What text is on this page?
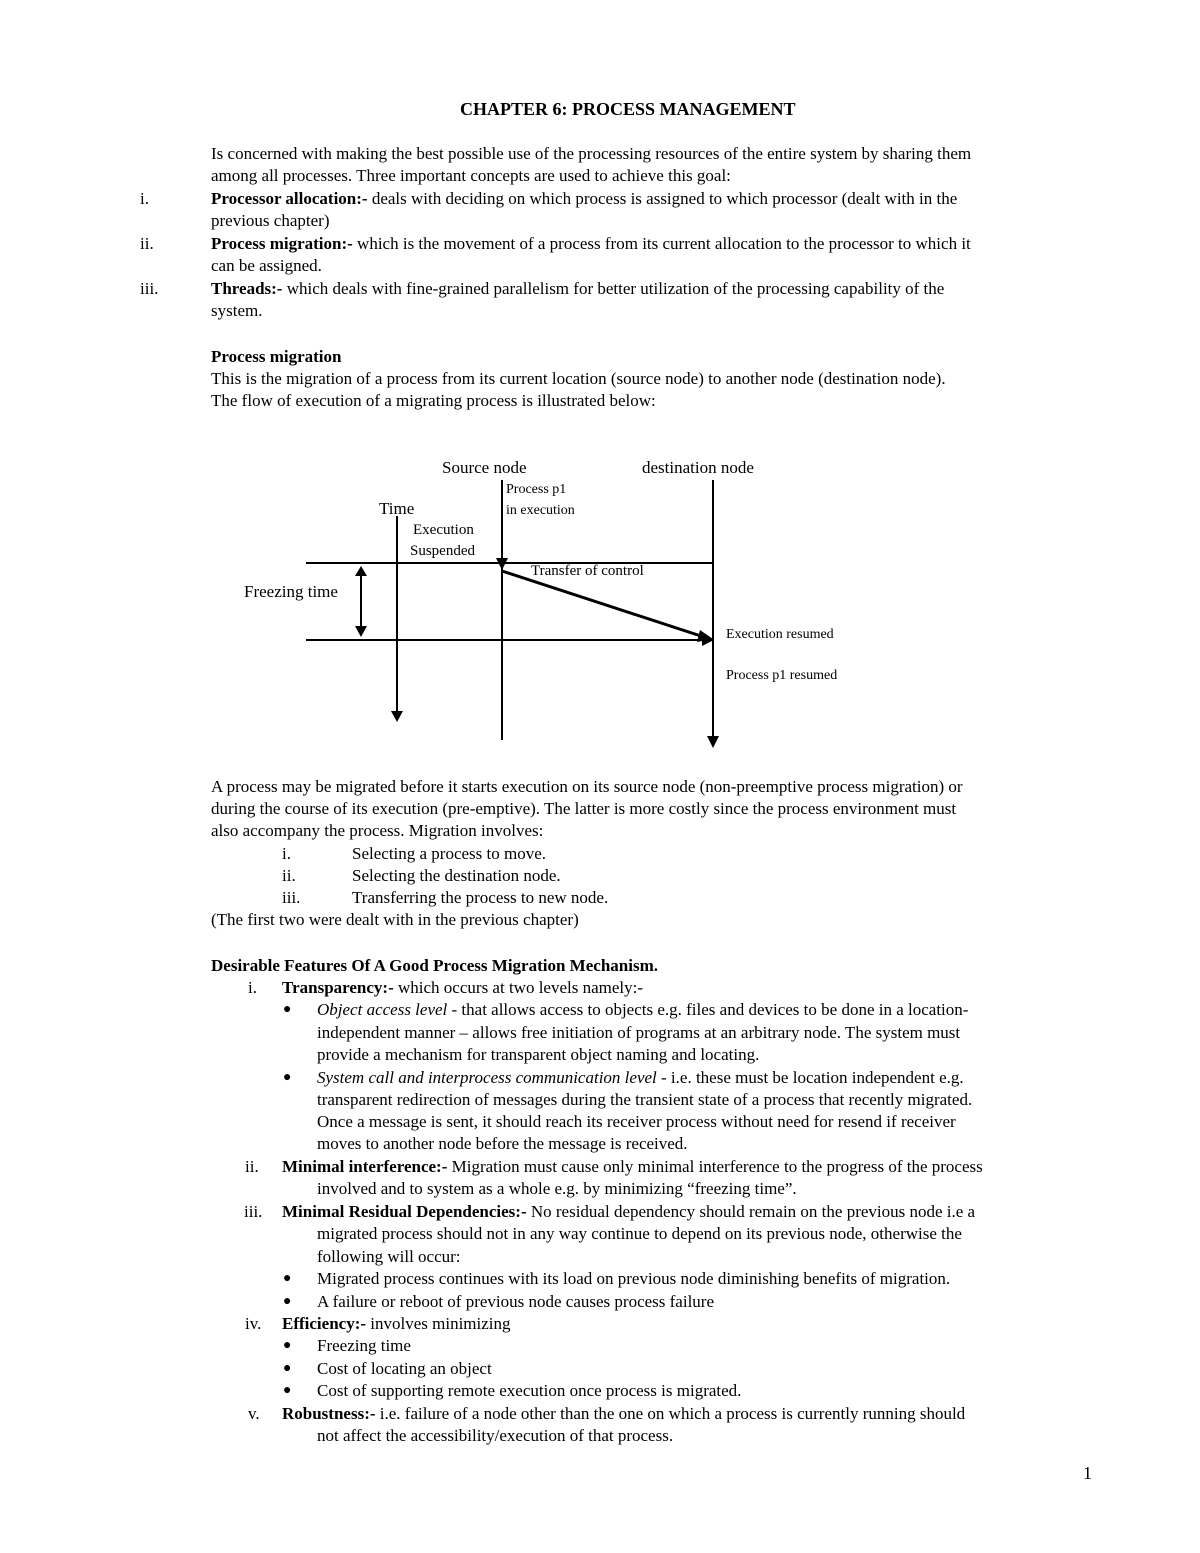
CHAPTER 6: PROCESS MANAGEMENT
Is concerned with making the best possible use of the processing resources of the entire system by sharing them
among all processes. Three important concepts are used to achieve this goal:
i.	Processor allocation:- deals with deciding on which process is assigned to which processor (dealt with in the
previous chapter)
ii.	Process migration:- which is the movement of a process from its current allocation to the processor to which it
can be assigned.
iii.	Threads:- which deals with fine-grained parallelism for better utilization of the processing capability of the
system.
Process migration
This is the migration of a process from its current location (source node) to another node (destination node).
The flow of execution of a migrating process is illustrated below:
Source node	destination node
Process p1
in execution
Time
Execution
Suspended
Transfer of control
Freezing time
Execution resumed
Process p1 resumed
A process may be migrated before it starts execution on its source node (non-preemptive process migration) or
during the course of its execution (pre-emptive). The latter is more costly since the process environment must
also accompany the process. Migration involves:
i.	Selecting a process to move.
ii.	Selecting the destination node.
iii.	Transferring the process to new node.
(The first two were dealt with in the previous chapter)
Desirable Features Of A Good Process Migration Mechanism.
i. Transparency:- which occurs at two levels namely:-
● Object access level - that allows access to objects e.g. files and devices to be done in a location-
independent manner – allows free initiation of programs at an arbitrary node. The system must
provide a mechanism for transparent object naming and locating.
● System call and interprocess communication level - i.e. these must be location independent e.g.
transparent redirection of messages during the transient state of a process that recently migrated.
Once a message is sent, it should reach its receiver process without need for resend if receiver
moves to another node before the message is received.
ii. Minimal interference:- Migration must cause only minimal interference to the progress of the process
involved and to system as a whole e.g. by minimizing “freezing time”.
iii. Minimal Residual Dependencies:- No residual dependency should remain on the previous node i.e a
migrated process should not in any way continue to depend on its previous node, otherwise the
following will occur:
● Migrated process continues with its load on previous node diminishing benefits of migration.
● A failure or reboot of previous node causes process failure
iv. Efficiency:- involves minimizing
● Freezing time
● Cost of locating an object
● Cost of supporting remote execution once process is migrated.
v. Robustness:- i.e. failure of a node other than the one on which a process is currently running should
not affect the accessibility/execution of that process.
1
